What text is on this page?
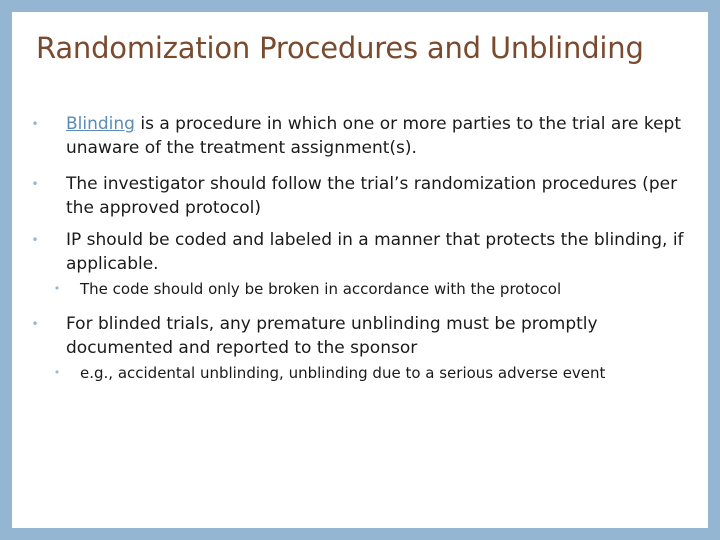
Randomization Procedures and Unblinding
• Blinding is a procedure in which one or more parties to the trial are kept unaware of the treatment assignment(s).
• The investigator should follow the trial’s randomization procedures (per the approved protocol)
• IP should be coded and labeled in a manner that protects the blinding, if applicable.
• The code should only be broken in accordance with the protocol
• For blinded trials, any premature unblinding must be promptly documented and reported to the sponsor
• e.g., accidental unblinding, unblinding due to a serious adverse event
